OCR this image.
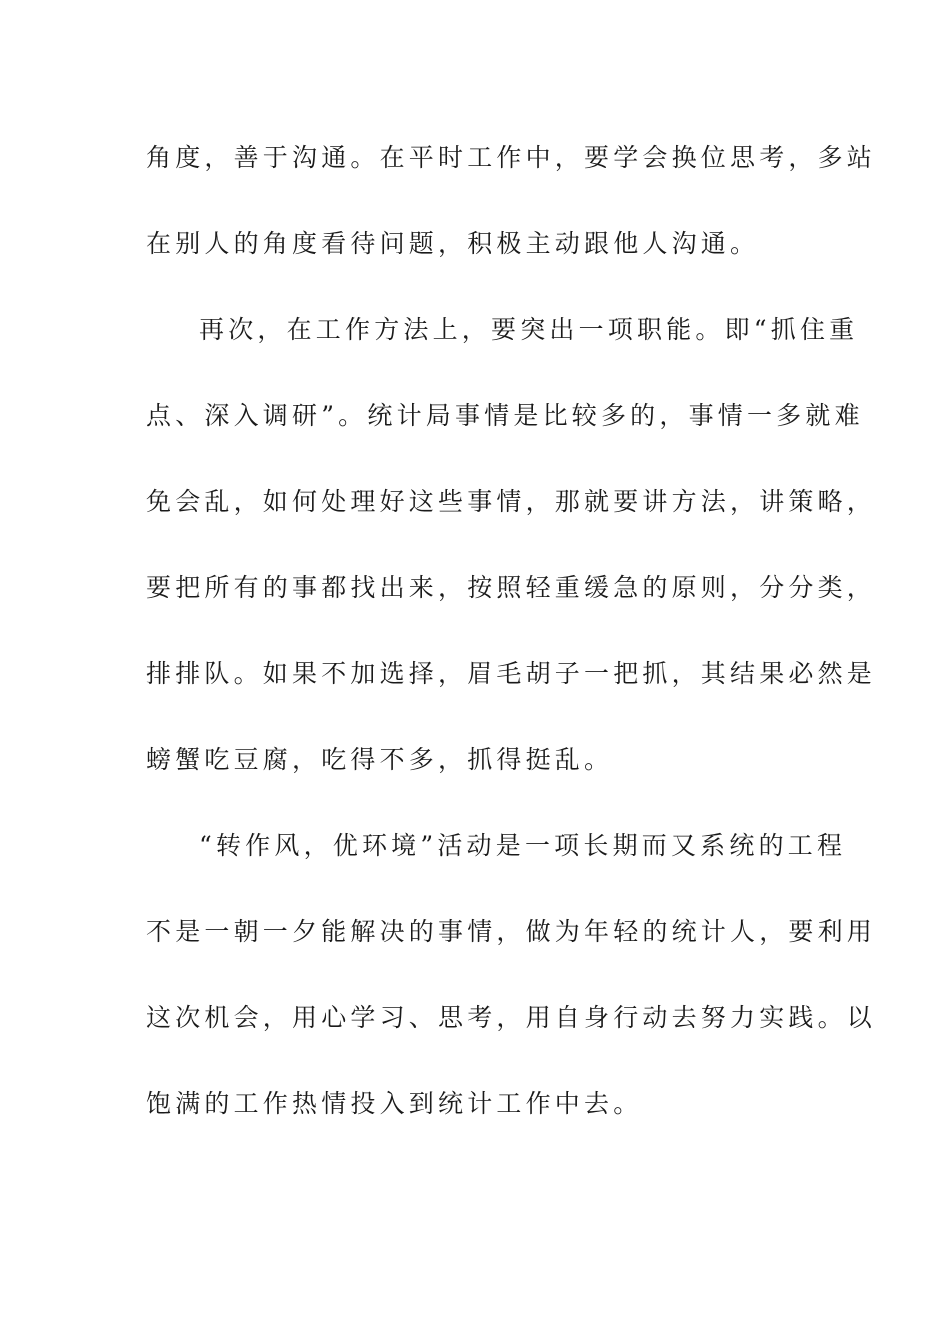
角度，善于沟通。在平时工作中，要学会换位思考，多站
在别人的角度看待问题，积极主动跟他人沟通。
再次，在工作方法上，要突出一项职能。即“抓住重
点、深入调研”。统计局事情是比较多的，事情一多就难
免会乱，如何处理好这些事情，那就要讲方法，讲策略，
要把所有的事都找出来，按照轻重缓急的原则，分分类，
排排队。如果不加选择，眉毛胡子一把抓，其结果必然是
螃蟹吃豆腐，吃得不多，抓得挺乱。
“转作风，优环境”活动是一项长期而又系统的工程
不是一朝一夕能解决的事情，做为年轻的统计人，要利用
这次机会，用心学习、思考，用自身行动去努力实践。以
饱满的工作热情投入到统计工作中去。
